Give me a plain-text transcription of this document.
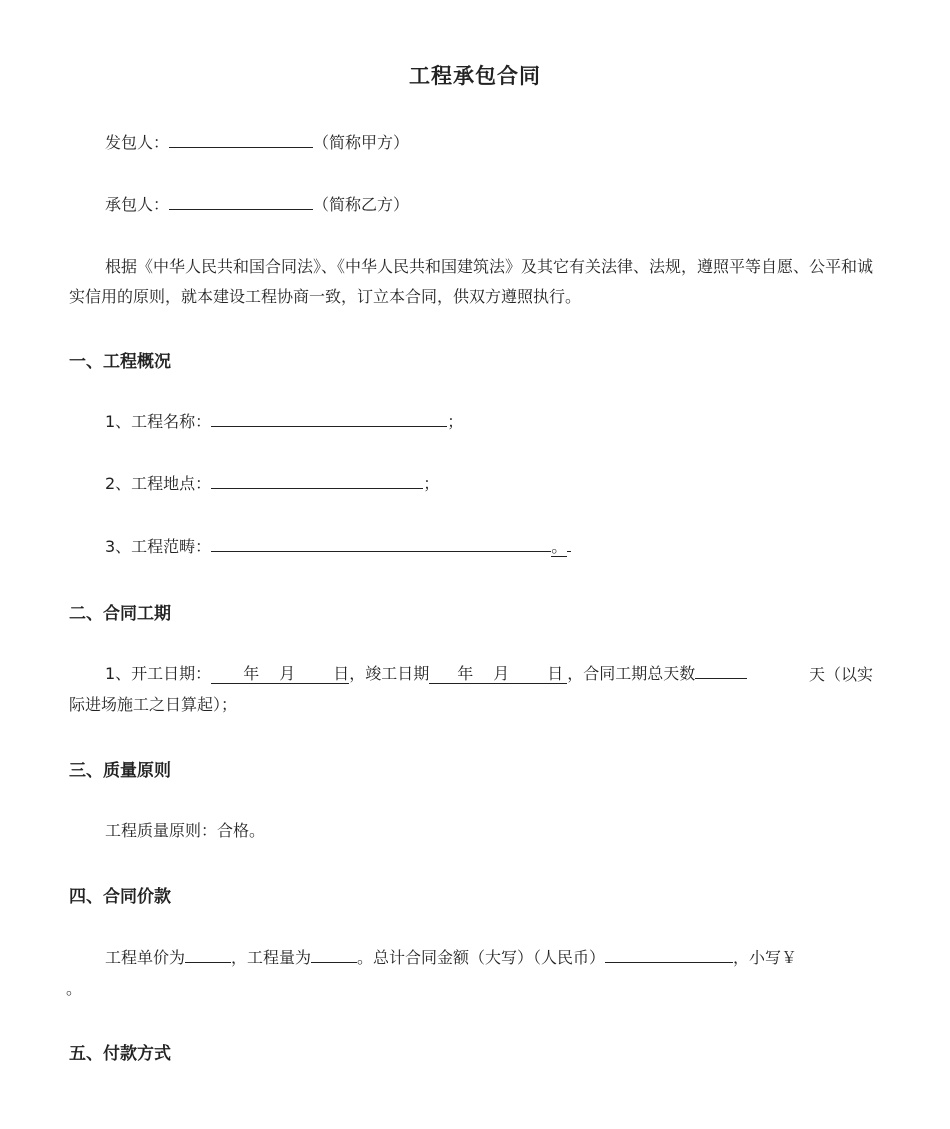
工程承包合同
发包人：	（简称甲方）
承包人：	（简称乙方）
根据《中华人民共和国合同法》、《中华人民共和国建筑法》及其它有关法律、法规，遵照平等自愿、公平和诚实信用的原则，就本建设工程协商一致，订立本合同，供双方遵照执行。
一、工程概况
1、工程名称：	；
2、工程地点：	；
3、工程范畴：	。
二、合同工期
1、开工日期： 年 月 日，竣工日期 年 月 日 ，合同工期总天数	天（以实际进场施工之日算起）；
三、质量原则
工程质量原则：合格。
四、合同价款
工程单价为	，工程量为	。总计合同金额（大写）（人民币）	，小写￥
。
五、付款方式
